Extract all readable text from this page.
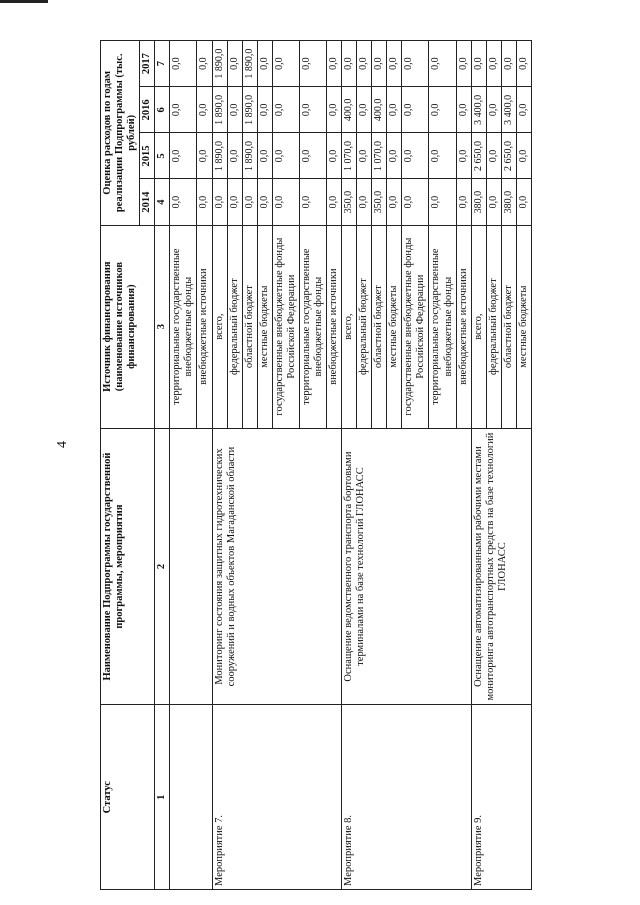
4
Статус	Наименование Подпрограммы государственной программы, мероприятия	Источник финансирования (наименование источников финансирования)	Оценка расходов по годам реализации Подпрограммы (тыс. рублей)			
			2014	2015	2016	2017
1	2	3	4	5	6	7
		территориальные государственные внебюджетные фонды	0,0	0,0	0,0	0,0
		внебюджетные источники	0,0	0,0	0,0	0,0
Мероприятие 7.	Мониторинг состояния защитных гидротехнических сооружений и водных объектов Магаданской области	всего,	0,0	1 890,0	1 890,0	1 890,0
		федеральный бюджет	0,0	0,0	0,0	0,0
		областной бюджет	0,0	1 890,0	1 890,0	1 890,0
		местные бюджеты	0,0	0,0	0,0	0,0
		государственные внебюджетные фонды Российской Федерации	0,0	0,0	0,0	0,0
		территориальные государственные внебюджетные фонды	0,0	0,0	0,0	0,0
		внебюджетные источники	0,0	0,0	0,0	0,0
Мероприятие 8.	Оснащение ведомственного транспорта бортовыми терминалами на базе технологий ГЛОНАСС	всего,	350,0	1 070,0	400,0	0,0
		федеральный бюджет	0,0	0,0	0,0	0,0
		областной бюджет	350,0	1 070,0	400,0	0,0
		местные бюджеты	0,0	0,0	0,0	0,0
		государственные внебюджетные фонды Российской Федерации	0,0	0,0	0,0	0,0
		территориальные государственные внебюджетные фонды	0,0	0,0	0,0	0,0
		внебюджетные источники	0,0	0,0	0,0	0,0
Мероприятие 9.	Оснащение автоматизированными рабочими местами мониторинга автотранспортных средств на базе технологий ГЛОНАСС	всего,	380,0	2 650,0	3 400,0	0,0
		федеральный бюджет	0,0	0,0	0,0	0,0
		областной бюджет	380,0	2 650,0	3 400,0	0,0
		местные бюджеты	0,0	0,0	0,0	0,0
